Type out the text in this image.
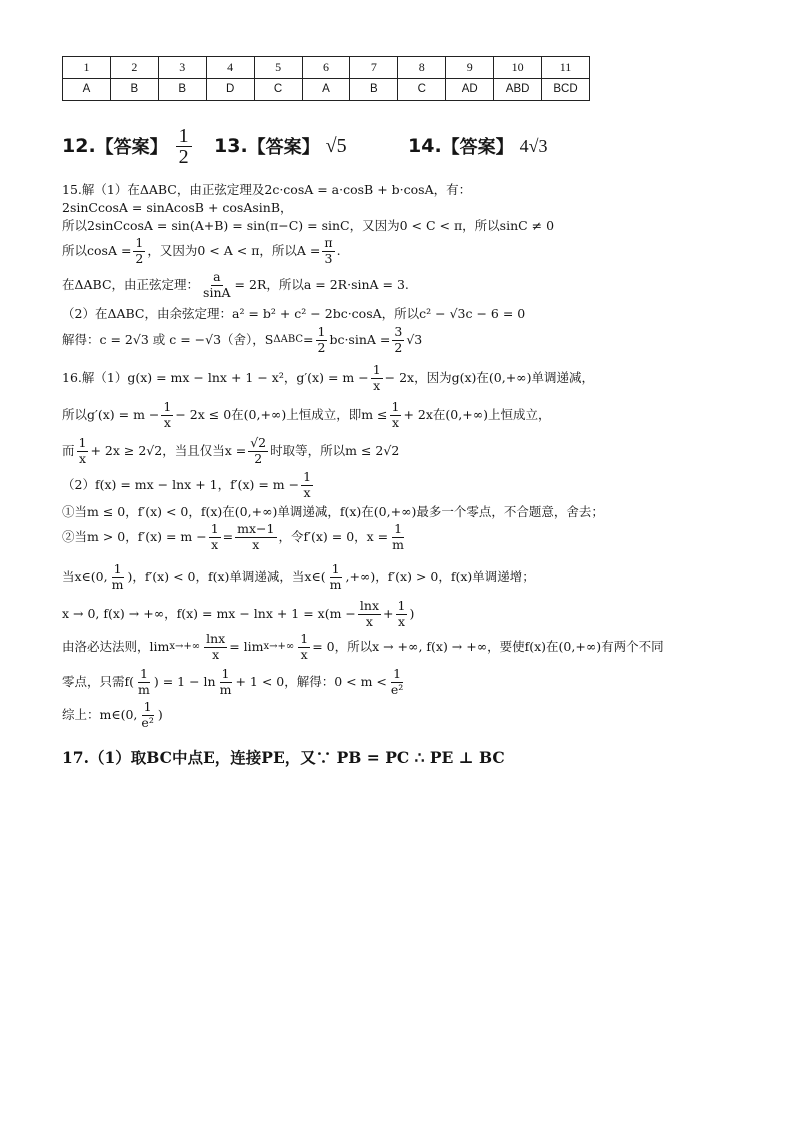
1	2	3	4	5	6	7	8	9	10	11
A	B	B	D	C	A	B	C	AD	ABD	BCD
12. 【答案】 $\frac{1}{2} 13$. 【答案】 √5	14. 【答案】 4√3
15.解（1）在ΔABC，由正弦定理及2c·cosA = a·cosB + b·cosA，有：
2sinCcosA = sinAcosB + cosAsinB，
所以2sinCcosA = sin(A+B) = sin(π−C) = sinC，又因为0 < C < π，所以sinC ≠ 0
所以$\cos A = \frac{1}{2}$ ，又因为0 < A < π，所以$A = \frac{\pi}{3}$ .
在ΔABC，由正弦定理： $\frac{a}{\sin A} = 2R$，所以a = 2R·sinA = 3.
（2）在ΔABC，由余弦定理：a² = b² + c² − 2bc·cosA，所以c² − √3c − 6 = 0
解得：c = 2√3 或 c = −√3（舍），S $\Delta ABC = \frac{1}{2} bc\cdot\sin A = \frac{3}{2} √3$
16.解（1）g(x) = mx − lnx + 1 − x²，$g'(x) = m - \frac{1}{x} - 2x$，因为g(x)在(0,+∞)单调递减，
所以$g'(x) = m - \frac{1}{x} - 2x \le 0$在(0,+∞)上恒成立，即$m \le \frac{1}{x} + 2x$在(0,+∞)上恒成立，
而 $\frac{1}{x} + 2x \ge 2√2$，当且仅当$x = \frac{√2}{2}$ 时取等，所以m ≤ 2√2
（2）f(x) = mx − lnx + 1，$f'(x) = m - \frac{1}{x}$
①当m ≤ 0，f′(x) < 0，f(x)在(0,+∞)单调递减，f(x)在(0,+∞)最多一个零点，不合题意，舍去；
②当m > 0，$f'(x) = m - \frac{1}{x} = \frac{mx-1}{x}$ ，令f′(x) = 0，$x = \frac{1}{m}$
当x∈(0, $\frac{1}{m}$ )，f′(x) < 0，f(x)单调递减，当x∈( $\frac{1}{m}$ ,+∞)，f′(x) > 0，f(x)单调递增；
x → 0, f(x) → +∞，f(x) = mx − $\ln x + 1 = x(m - \frac{\ln x}{x} + \frac{1}{x}$ )
由洛必达法则，$\lim x\to+\infty \frac{\ln x}{x} = \lim x\to+\infty \frac{1}{x} = 0$，所以x → +∞, f(x) → +∞，要使f(x)在(0,+∞)有两个不同
零点，只需$f( \frac{1}{m}$ ) = $1 - \ln \frac{1}{m} + 1 < 0$，解得：$0 < m < \frac{1}{\text{e²}}$
综上：m∈(0, $\frac{1}{\text{e²}}$ )
17.（1）取BC中点E，连接PE，又∵ PB = PC ∴ PE ⊥ BC
